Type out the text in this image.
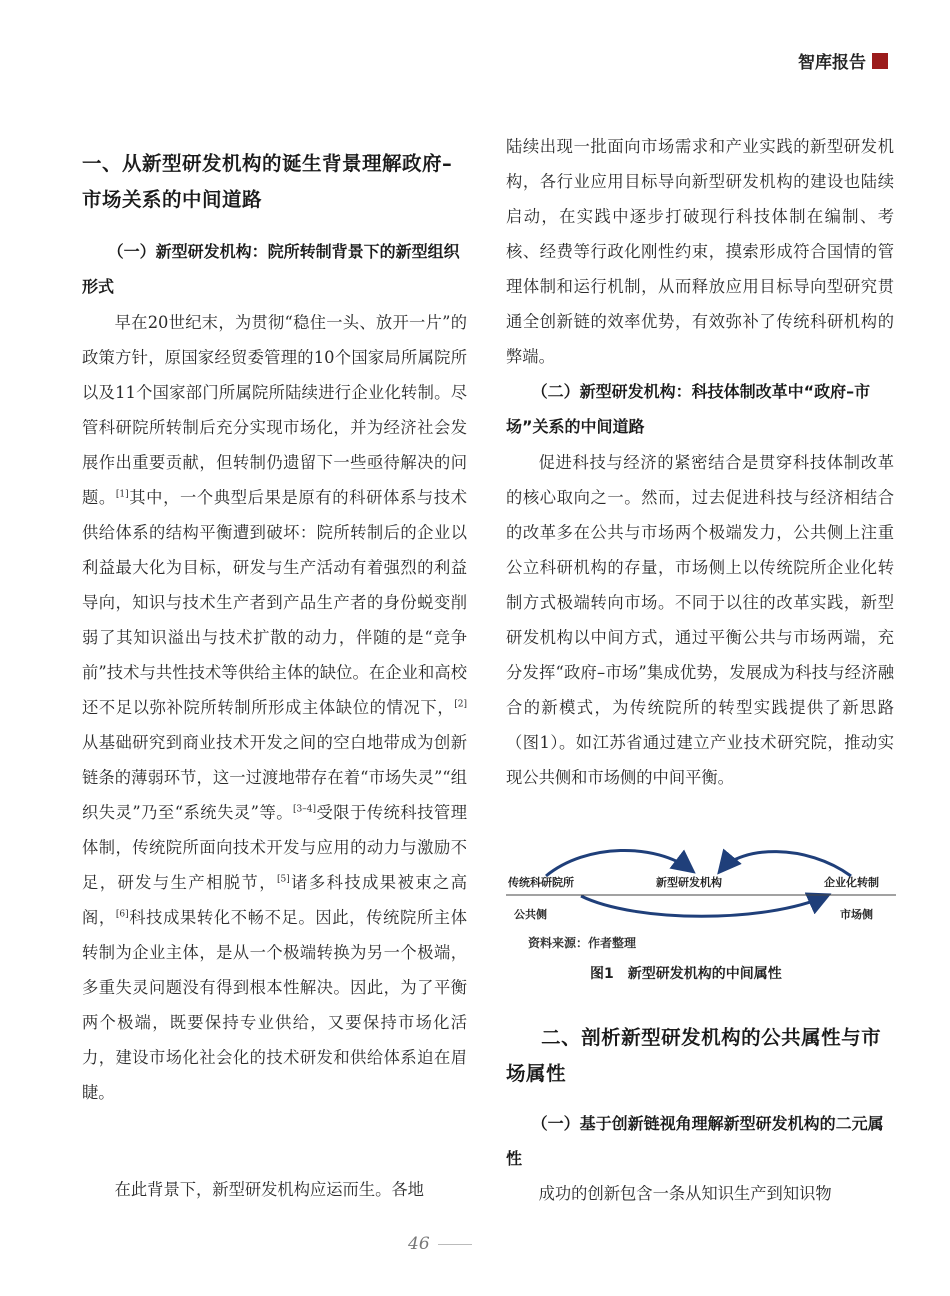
智库报告
一、从新型研发机构的诞生背景理解政府–市场关系的中间道路
（一）新型研发机构：院所转制背景下的新型组织形式
早在20世纪末，为贯彻“稳住一头、放开一片”的政策方针，原国家经贸委管理的10个国家局所属院所以及11个国家部门所属院所陆续进行企业化转制。尽管科研院所转制后充分实现市场化，并为经济社会发展作出重要贡献，但转制仍遗留下一些亟待解决的问题。[1]其中，一个典型后果是原有的科研体系与技术供给体系的结构平衡遭到破坏：院所转制后的企业以利益最大化为目标，研发与生产活动有着强烈的利益导向，知识与技术生产者到产品生产者的身份蜕变削弱了其知识溢出与技术扩散的动力，伴随的是“竞争前”技术与共性技术等供给主体的缺位。在企业和高校还不足以弥补院所转制所形成主体缺位的情况下，[2]从基础研究到商业技术开发之间的空白地带成为创新链条的薄弱环节，这一过渡地带存在着“市场失灵”“组织失灵”乃至“系统失灵”等。[3–4]受限于传统科技管理体制，传统院所面向技术开发与应用的动力与激励不足，研发与生产相脱节，[5]诸多科技成果被束之高阁，[6]科技成果转化不畅不足。因此，传统院所主体转制为企业主体，是从一个极端转换为另一个极端，多重失灵问题没有得到根本性解决。因此，为了平衡两个极端，既要保持专业供给，又要保持市场化活力，建设市场化社会化的技术研发和供给体系迫在眉睫。
在此背景下，新型研发机构应运而生。各地
陆续出现一批面向市场需求和产业实践的新型研发机构，各行业应用目标导向新型研发机构的建设也陆续启动，在实践中逐步打破现行科技体制在编制、考核、经费等行政化刚性约束，摸索形成符合国情的管理体制和运行机制，从而释放应用目标导向型研究贯通全创新链的效率优势，有效弥补了传统科研机构的弊端。
（二）新型研发机构：科技体制改革中“政府–市场”关系的中间道路
促进科技与经济的紧密结合是贯穿科技体制改革的核心取向之一。然而，过去促进科技与经济相结合的改革多在公共与市场两个极端发力，公共侧上注重公立科研机构的存量，市场侧上以传统院所企业化转制方式极端转向市场。不同于以往的改革实践，新型研发机构以中间方式，通过平衡公共与市场两端，充分发挥“政府–市场”集成优势，发展成为科技与经济融合的新模式，为传统院所的转型实践提供了新思路（图1）。如江苏省通过建立产业技术研究院，推动实现公共侧和市场侧的中间平衡。
传统科研院所	新型研发机构	企业化转制
公共侧	市场侧
资料来源：作者整理
图1　新型研发机构的中间属性
二、剖析新型研发机构的公共属性与市场属性
（一）基于创新链视角理解新型研发机构的二元属性
成功的创新包含一条从知识生产到知识物
46
